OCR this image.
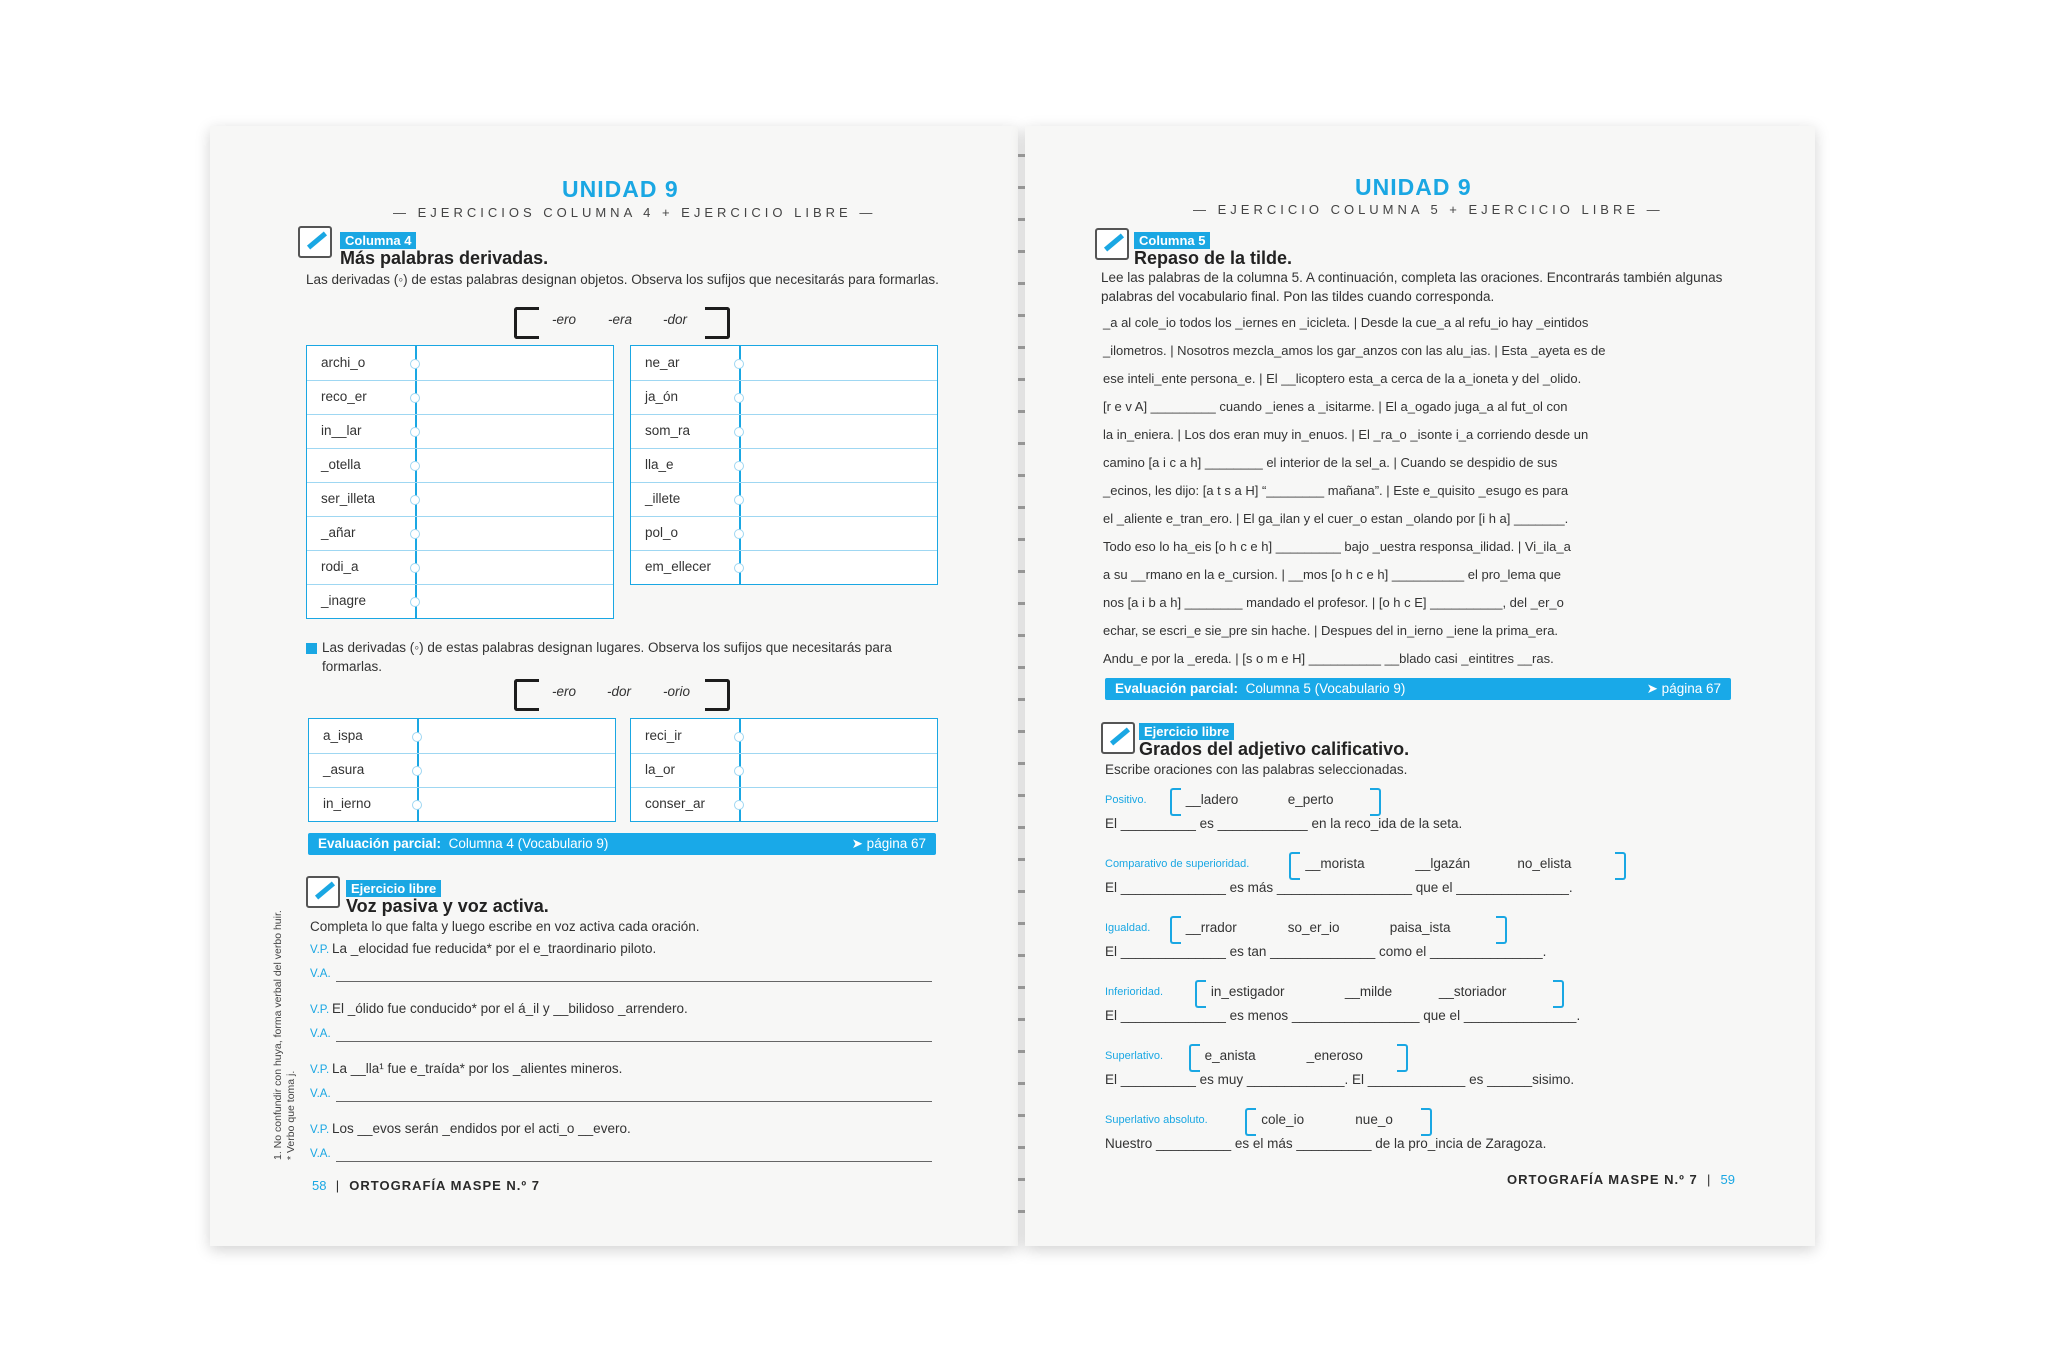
UNIDAD 9
— EJERCICIOS COLUMNA 4 + EJERCICIO LIBRE —
Columna 4
Más palabras derivadas.
Las derivadas (◦) de estas palabras designan objetos. Observa los sufijos que necesitarás para formarlas.
-ero -era -dor
archi_o
reco_er
in__lar
_otella
ser_illeta
_añar
rodi_a
_inagre
ne_ar
ja_ón
som_ra
lla_e
_illete
pol_o
em_ellecer
Las derivadas (◦) de estas palabras designan lugares. Observa los sufijos que necesitarás para formarlas.
-ero -dor -orio
a_ispa
_asura
in_ierno
reci_ir
la_or
conser_ar
Evaluación parcial: Columna 4 (Vocabulario 9)	➤ página 67
Ejercicio libre
Voz pasiva y voz activa.
Completa lo que falta y luego escribe en voz activa cada oración.
58  |  ORTOGRAFÍA MASPE N.º 7
V.P. La _elocidad fue reducida* por el e_traordinario piloto.
V.A.
V.P. El _ólido fue conducido* por el á_il y __bilidoso _arrendero.
V.A.
V.P. La __lla¹ fue e_traída* por los _alientes mineros.
V.A.
V.P. Los __evos serán _endidos por el acti_o __evero.
V.A.
1. No confundir con huya, forma verbal del verbo huir.
* Verbo que toma j.
UNIDAD 9
— EJERCICIO COLUMNA 5 + EJERCICIO LIBRE —
Columna 5
Repaso de la tilde.
Lee las palabras de la columna 5. A continuación, completa las oraciones. Encontrarás también algunas palabras del vocabulario final. Pon las tildes cuando corresponda.
Evaluación parcial: Columna 5 (Vocabulario 9)	➤ página 67
Ejercicio libre
Grados del adjetivo calificativo.
Escribe oraciones con las palabras seleccionadas.
ORTOGRAFÍA MASPE N.º 7  |  59
_a al cole_io todos los _iernes en _icicleta. | Desde la cue_a al refu_io hay _eintidos
_ilometros. | Nosotros mezcla_amos los gar_anzos con las alu_ias. | Esta _ayeta es de
ese inteli_ente persona_e. | El __licoptero esta_a cerca de la a_ioneta y del _olido.
[r e v A] _________ cuando _ienes a _isitarme. | El a_ogado juga_a al fut_ol con
la in_eniera. | Los dos eran muy in_enuos. | El _ra_o _isonte i_a corriendo desde un
camino [a i c a h] ________ el interior de la sel_a. | Cuando se despidio de sus
_ecinos, les dijo: [a t s a H] “________ mañana”. | Este e_quisito _esugo es para
el _aliente e_tran_ero. | El ga_ilan y el cuer_o estan _olando por [i h a] _______.
Todo eso lo ha_eis [o h c e h] _________ bajo _uestra responsa_ilidad. | Vi_ila_a
a su __rmano en la e_cursion. | __mos [o h c e h] __________ el pro_lema que
nos [a i b a h] ________ mandado el profesor. | [o h c E] __________, del _er_o
echar, se escri_e sie_pre sin hache. | Despues del in_ierno _iene la prima_era.
Andu_e por la _ereda. | [s o m e H] __________ __blado casi _eintitres __ras.
Positivo.	__ladero	e_perto
El __________ es ____________ en la reco_ida de la seta.
Comparativo de superioridad.	__morista	__lgazán	no_elista
El ______________ es más __________________ que el _______________.
Igualdad.	__rrador	so_er_io	paisa_ista
El ______________ es tan ______________ como el _______________.
Inferioridad.	in_estigador	__milde	__storiador
El ______________ es menos _________________ que el _______________.
Superlativo.	e_anista	_eneroso
El __________ es muy _____________. El _____________ es ______sisimo.
Superlativo absoluto.	cole_io	nue_o
Nuestro __________ es el más __________ de la pro_incia de Zaragoza.
